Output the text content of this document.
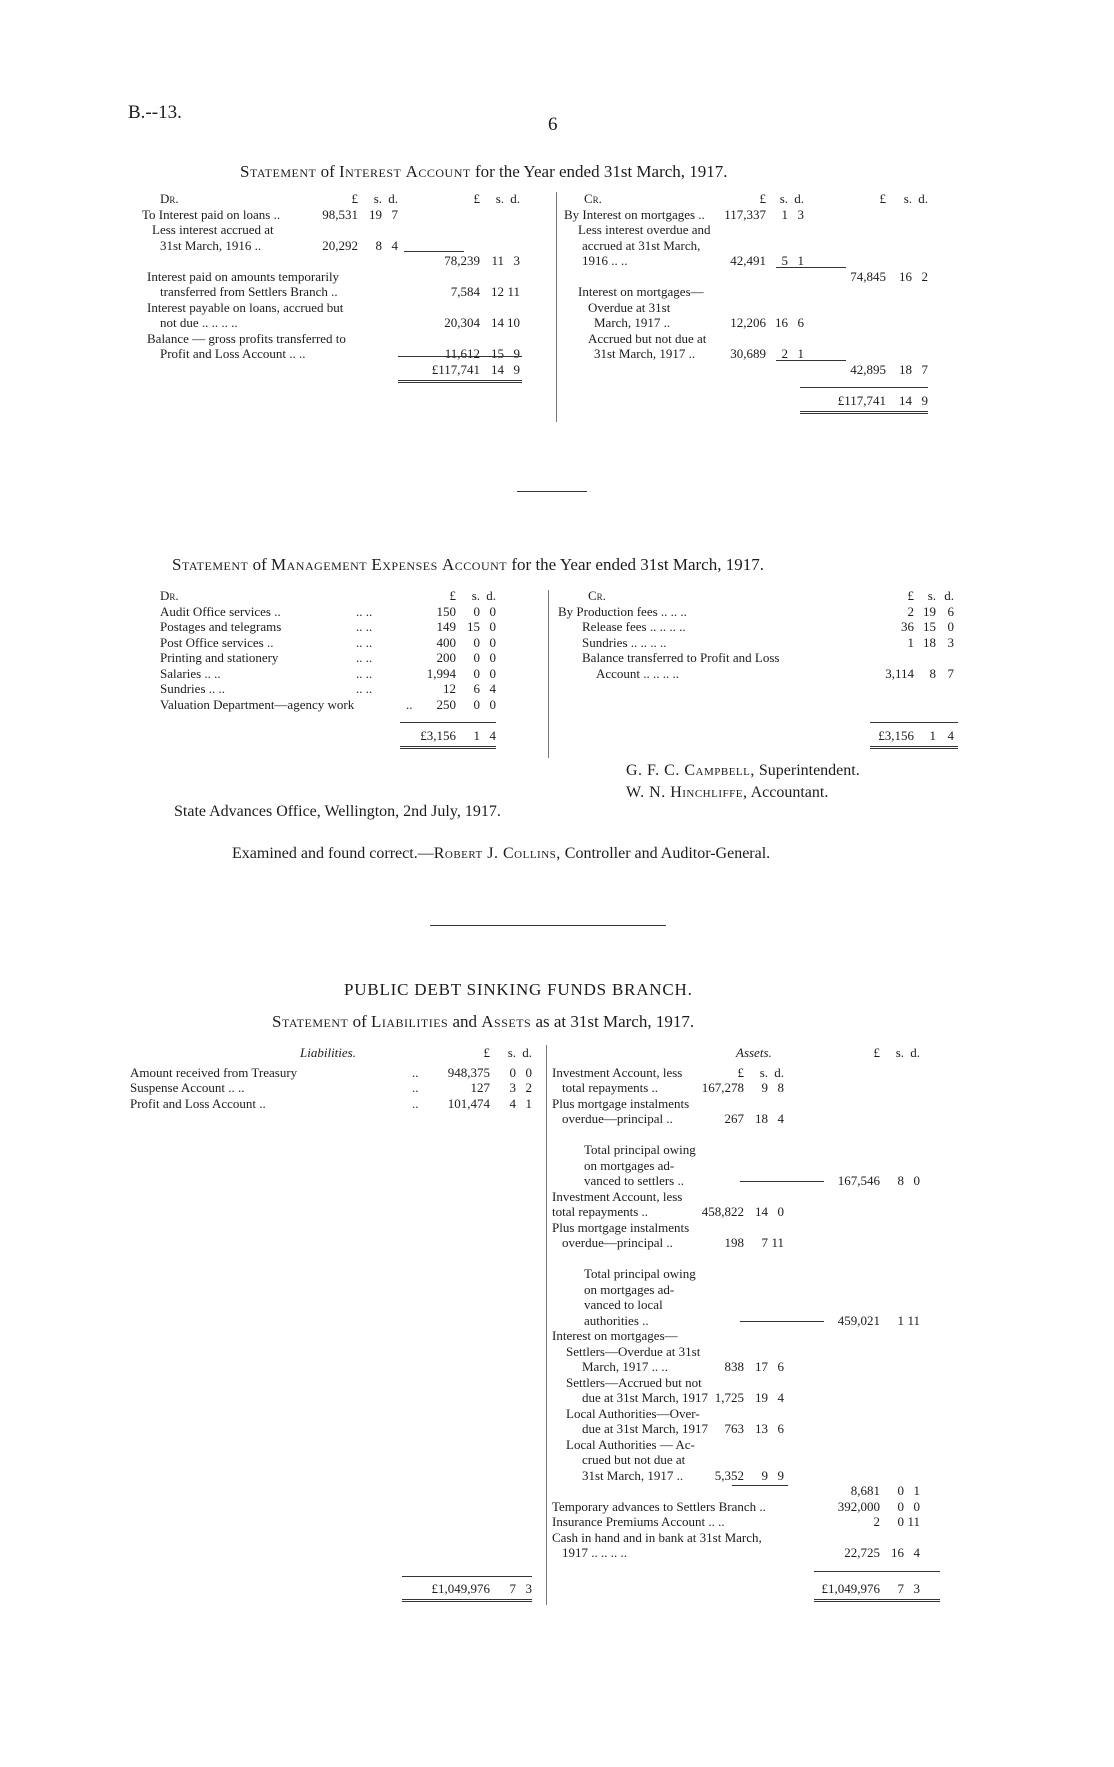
B.--13.
6
Statement of Interest Account for the Year ended 31st March, 1917.
Dr.	£	s. d.	£	s. d.
To Interest paid on loans ..	98,531 19 7
Less interest accrued at
31st March, 1916 ..	20,292	8 4
78,239 11 3
Interest paid on amounts temporarily
transferred from Settlers Branch ..	7,584 12 11
Interest payable on loans, accrued but
not due .. .. .. ..	20,304 14 10
Balance — gross profits transferred to
Profit and Loss Account .. ..	11,612 15 9
£117,741 14 9
Cr.	£	s. d.	£	s. d.
By Interest on mortgages ..	117,337	1 3
Less interest overdue and
accrued at 31st March,
1916 .. ..	42,491	5 1
74,845	16 2
Interest on mortgages—
Overdue at 31st
March, 1917 ..	12,206 16 6
Accrued but not due at
31st March, 1917 ..	30,689	2 1
42,895	18 7
£117,741	14 9
Statement of Management Expenses Account for the Year ended 31st March, 1917.
Dr.	£	s. d.
Audit Office services ..	.. ..	150	0 0
Postages and telegrams	.. ..	149 15 0
Post Office services ..	.. ..	400	0 0
Printing and stationery	.. ..	200	0 0
Salaries .. ..	.. ..	1,994	0 0
Sundries .. ..	.. ..	12	6 4
Valuation Department—agency work	..	250	0 0
£3,156	1 4
Cr.	£	s. d.
By Production fees .. .. ..	2 19 6
Release fees .. .. .. ..	36 15 0
Sundries .. .. .. ..	1 18 3
Balance transferred to Profit and Loss
Account .. .. .. ..	3,114	8 7
£3,156	1 4
G. F. C. Campbell, Superintendent.
W. N. Hinchliffe, Accountant.
State Advances Office, Wellington, 2nd July, 1917.
Examined and found correct.—Robert J. Collins, Controller and Auditor-General.
PUBLIC DEBT SINKING FUNDS BRANCH.
Statement of Liabilities and Assets as at 31st March, 1917.
Liabilities.	£	s. d.
Amount received from Treasury	..	948,375	0 0
Suspense Account .. ..	..	127	3 2
Profit and Loss Account ..	..	101,474	4 1
£1,049,976	7 3
Assets.	£	s. d.
£	s. d.
Investment Account, less
total repayments ..	167,278	9 8
Plus mortgage instalments
overdue—principal ..	267 18 4
Total principal owing
on mortgages ad-
vanced to settlers ..	167,546	8 0
Investment Account, less
total repayments ..	458,822 14 0
Plus mortgage instalments
overdue—principal ..	198	7 11
Total principal owing
on mortgages ad-
vanced to local
authorities ..	459,021	1 11
Interest on mortgages—
Settlers—Overdue at 31st
March, 1917 .. ..	838 17 6
Settlers—Accrued but not
due at 31st March, 1917 1,725 19 4
Local Authorities—Over-
due at 31st March, 1917	763 13 6
Local Authorities — Ac-
crued but not due at
31st March, 1917 ..	5,352	9 9
8,681	0 1
Temporary advances to Settlers Branch ..	392,000	0 0
Insurance Premiums Account .. ..	2	0 11
Cash in hand and in bank at 31st March,
1917 .. .. .. ..	22,725 16 4
£1,049,976	7 3
